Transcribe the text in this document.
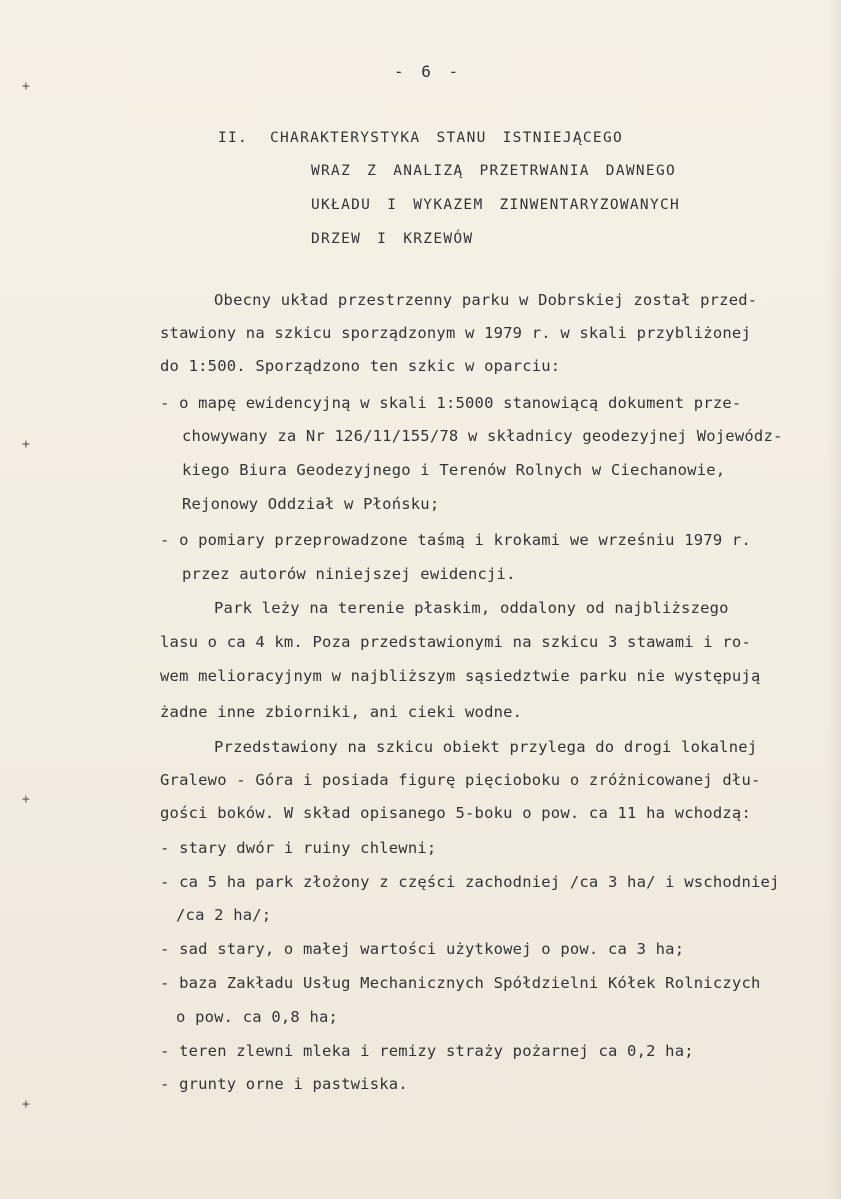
+
+
+
+
- 6 -
II. CHARAKTERYSTYKA STANU ISTNIEJĄCEGO
WRAZ Z ANALIZĄ PRZETRWANIA DAWNEGO
UKŁADU I WYKAZEM ZINWENTARYZOWANYCH
DRZEW I KRZEWÓW
Obecny układ przestrzenny parku w Dobrskiej został przed-
stawiony na szkicu sporządzonym w 1979 r. w skali przybliżonej
do 1:500. Sporządzono ten szkic w oparciu:
- o mapę ewidencyjną w skali 1:5000 stanowiącą dokument prze-
chowywany za Nr 126/11/155/78 w składnicy geodezyjnej Wojewódz-
kiego Biura Geodezyjnego i Terenów Rolnych w Ciechanowie,
Rejonowy Oddział w Płońsku;
- o pomiary przeprowadzone taśmą i krokami we wrześniu 1979 r.
przez autorów niniejszej ewidencji.
Park leży na terenie płaskim, oddalony od najbliższego
lasu o ca 4 km. Poza przedstawionymi na szkicu 3 stawami i ro-
wem melioracyjnym w najbliższym sąsiedztwie parku nie występują
żadne inne zbiorniki, ani cieki wodne.
Przedstawiony na szkicu obiekt przylega do drogi lokalnej
Gralewo - Góra i posiada figurę pięcioboku o zróżnicowanej dłu-
gości boków. W skład opisanego 5-boku o pow. ca 11 ha wchodzą:
- stary dwór i ruiny chlewni;
- ca 5 ha park złożony z części zachodniej /ca 3 ha/ i wschodniej
/ca 2 ha/;
- sad stary, o małej wartości użytkowej o pow. ca 3 ha;
- baza Zakładu Usług Mechanicznych Spółdzielni Kółek Rolniczych
o pow. ca 0,8 ha;
- teren zlewni mleka i remizy straży pożarnej ca 0,2 ha;
- grunty orne i pastwiska.
